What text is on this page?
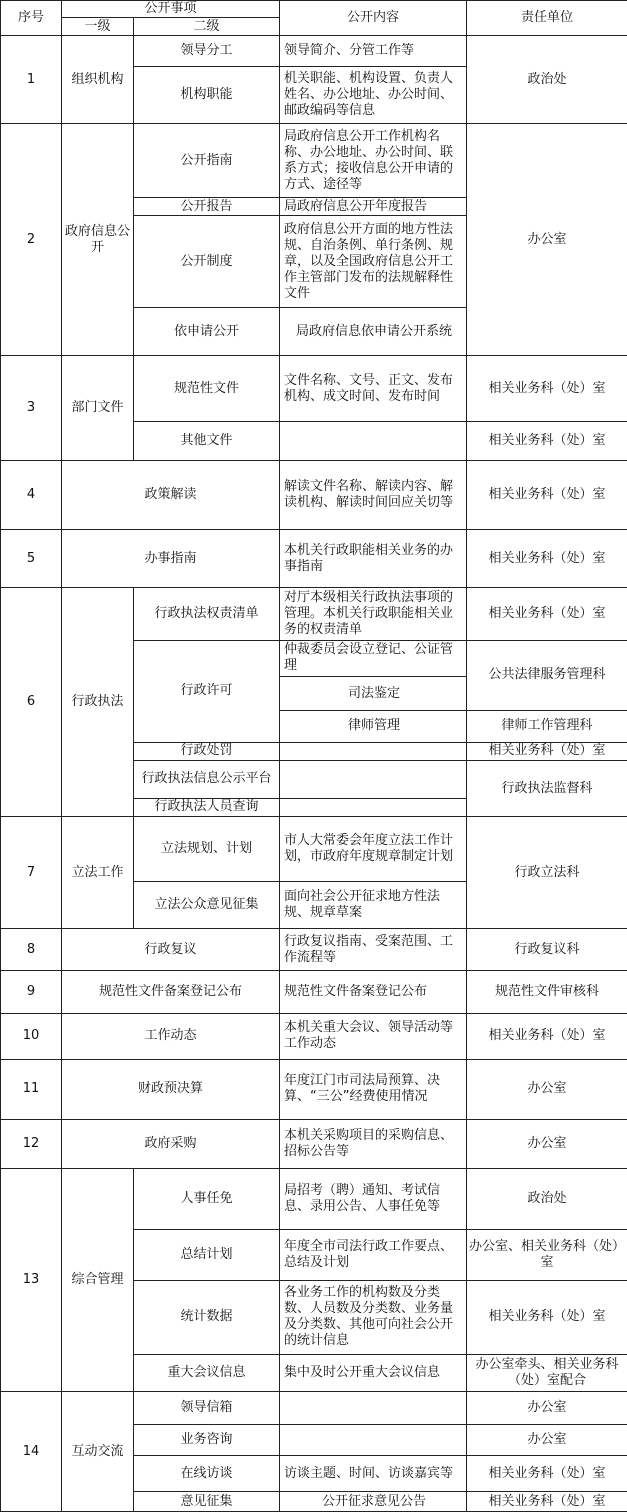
序号	公开事项		公开内容	责任单位
	一级	二级		
1	组织机构	领导分工	领导简介、分管工作等	政治处
		机构职能	机关职能、机构设置、负责人姓名、办公地址、办公时间、邮政编码等信息	
2	政府信息公开	公开指南	局政府信息公开工作机构名称、办公地址、办公时间、联系方式；接收信息公开申请的方式、途径等	办公室
		公开报告	局政府信息公开年度报告	
		公开制度	政府信息公开方面的地方性法规、自治条例、单行条例、规章，以及全国政府信息公开工作主管部门发布的法规解释性文件	
		依申请公开	局政府信息依申请公开系统	
3	部门文件	规范性文件	文件名称、文号、正文、发布机构、成文时间、发布时间	相关业务科（处）室
		其他文件		相关业务科（处）室
4	政策解读		解读文件名称、解读内容、解读机构、解读时间回应关切等	相关业务科（处）室
5	办事指南		本机关行政职能相关业务的办事指南	相关业务科（处）室
6	行政执法	行政执法权责清单	对厅本级相关行政执法事项的管理。本机关行政职能相关业务的权责清单	相关业务科（处）室
		行政许可	仲裁委员会设立登记、公证管理	公共法律服务管理科
			司法鉴定	
			律师管理	律师工作管理科
		行政处罚		相关业务科（处）室
		行政执法信息公示平台		行政执法监督科
		行政执法人员查询		
7	立法工作	立法规划、计划	市人大常委会年度立法工作计划，市政府年度规章制定计划	行政立法科
		立法公众意见征集	面向社会公开征求地方性法规、规章草案	
8	行政复议		行政复议指南、受案范围、工作流程等	行政复议科
9	规范性文件备案登记公布		规范性文件备案登记公布	规范性文件审核科
10	工作动态		本机关重大会议、领导活动等工作动态	相关业务科（处）室
11	财政预决算		年度江门市司法局预算、决算、“三公”经费使用情况	办公室
12	政府采购		本机关采购项目的采购信息、招标公告等	办公室
13	综合管理	人事任免	局招考（聘）通知、考试信息、录用公告、人事任免等	政治处
		总结计划	年度全市司法行政工作要点、总结及计划	办公室、相关业务科（处）室
		统计数据	各业务工作的机构数及分类数、人员数及分类数、业务量及分类数、其他可向社会公开的统计信息	相关业务科（处）室
		重大会议信息	集中及时公开重大会议信息	办公室牵头、相关业务科（处）室配合
14	互动交流	领导信箱		办公室
		业务咨询		办公室
		在线访谈	访谈主题、时间、访谈嘉宾等	相关业务科（处）室
		意见征集	公开征求意见公告	相关业务科（处）室
